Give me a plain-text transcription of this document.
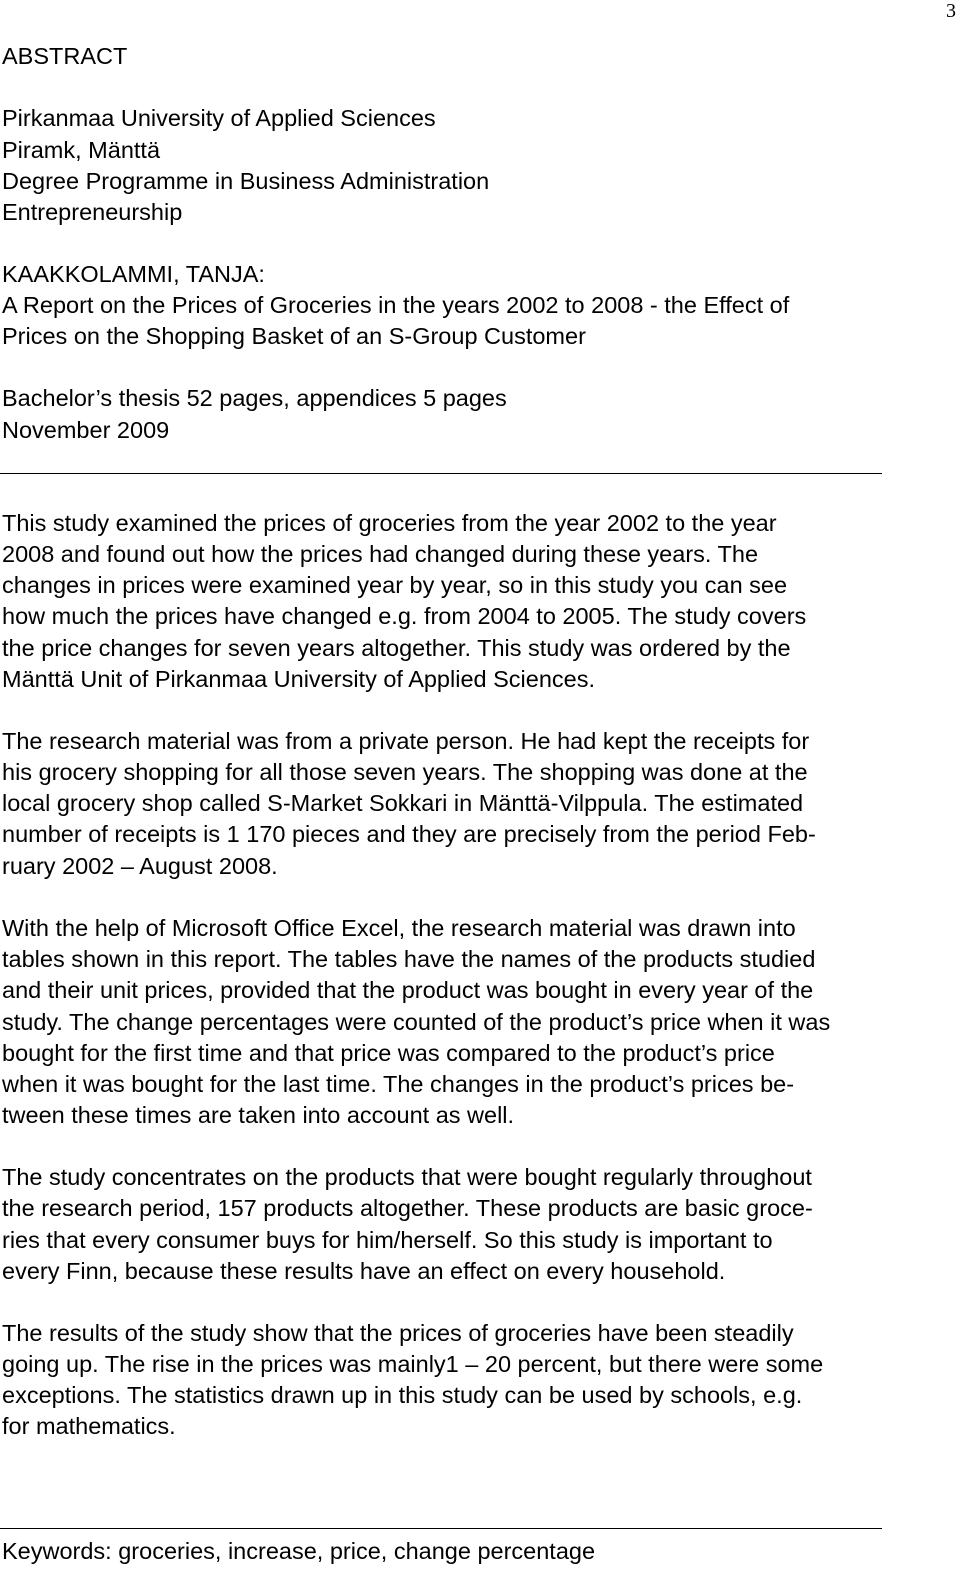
3
ABSTRACT
Pirkanmaa University of Applied Sciences
Piramk, Mänttä
Degree Programme in Business Administration
Entrepreneurship
KAAKKOLAMMI, TANJA:
A Report on the Prices of Groceries in the years 2002 to 2008 - the Effect of
Prices on the Shopping Basket of an S-Group Customer
Bachelor’s thesis 52 pages, appendices 5 pages
November 2009
This study examined the prices of groceries from the year 2002 to the year
2008 and found out how the prices had changed during these years. The
changes in prices were examined year by year, so in this study you can see
how much the prices have changed e.g. from 2004 to 2005. The study covers
the price changes for seven years altogether. This study was ordered by the
Mänttä Unit of Pirkanmaa University of Applied Sciences.
The research material was from a private person. He had kept the receipts for
his grocery shopping for all those seven years. The shopping was done at the
local grocery shop called S-Market Sokkari in Mänttä-Vilppula. The estimated
number of receipts is 1 170 pieces and they are precisely from the period Feb-
ruary 2002 – August 2008.
With the help of Microsoft Office Excel, the research material was drawn into
tables shown in this report. The tables have the names of the products studied
and their unit prices, provided that the product was bought in every year of the
study. The change percentages were counted of the product’s price when it was
bought for the first time and that price was compared to the product’s price
when it was bought for the last time. The changes in the product’s prices be-
tween these times are taken into account as well.
The study concentrates on the products that were bought regularly throughout
the research period, 157 products altogether. These products are basic groce-
ries that every consumer buys for him/herself. So this study is important to
every Finn, because these results have an effect on every household.
The results of the study show that the prices of groceries have been steadily
going up. The rise in the prices was mainly1 – 20 percent, but there were some
exceptions. The statistics drawn up in this study can be used by schools, e.g.
for mathematics.
Keywords: groceries, increase, price, change percentage
